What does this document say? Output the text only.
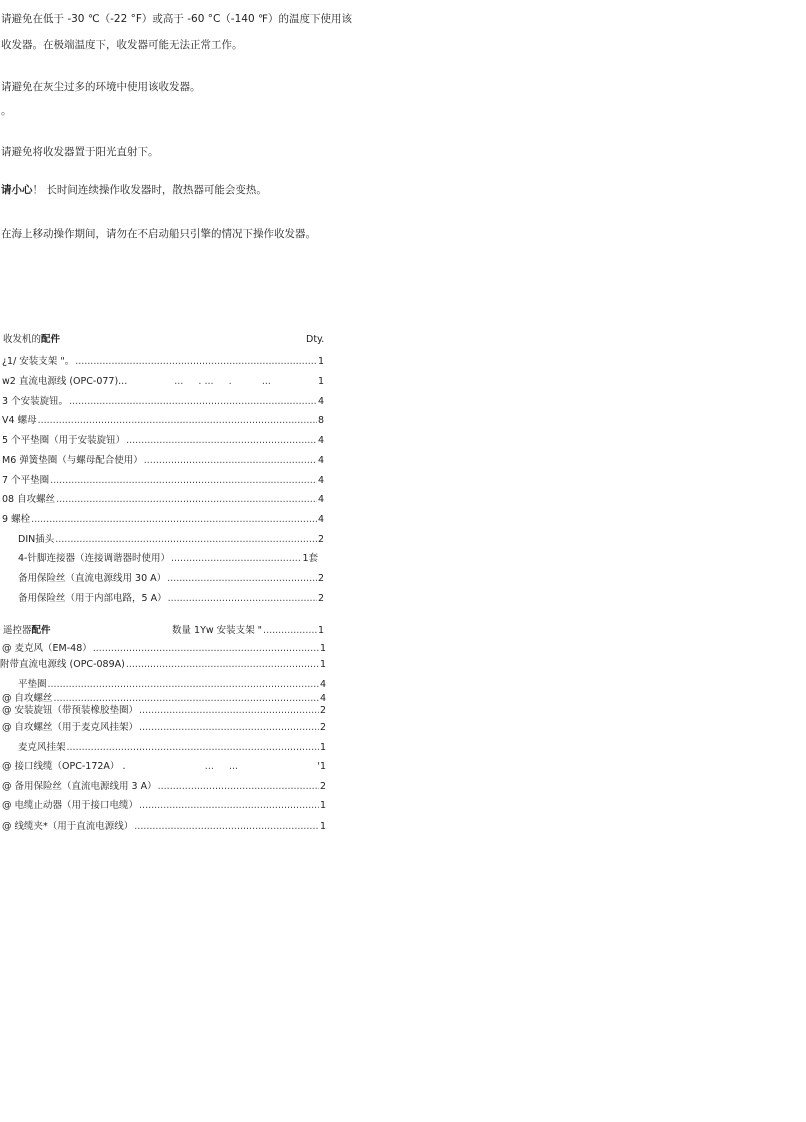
请避免在低于 -30 ℃（-22 °F）或高于 -60 °C（-140 ℉）的温度下使用该
收发器。在极端温度下，收发器可能无法正常工作。
请避免在灰尘过多的环境中使用该收发器。
。
请避免将收发器置于阳光直射下。
请小心！ 长时间连续操作收发器时，散热器可能会变热。
在海上移动操作期间，请勿在不启动船只引擎的情况下操作收发器。
收发机的配件	Dty.
¿1/ 安装支架 "。 .....	1
w2 直流电源线 (OPC-077)...	...     . ...     .          ...	1
3 个安装旋钮。 .....	4
V4 螺母 .....	8
5 个平垫圈（用于安装旋钮） .....	4
M6 弹簧垫圈（与螺母配合使用） .....	4
7 个平垫圈 .....	4
08 自攻螺丝 .....	4
9 螺栓 .....	4
DIN插头 .....	2
4-针脚连接器（连接调谐器时使用） .....	1套
备用保险丝（直流电源线用 30 A） .....	2
备用保险丝（用于内部电路，5 A） .....	2
遥控器配件	数量 1Yw 安装支架 " .....	1
@ 麦克风（EM-48） .....	1
附带直流电源线 (OPC-089A) .....	1
平垫圈 .....	4
@ 自攻螺丝 .....	4
@ 安装旋钮（带预装橡胶垫圈） .....	2
@ 自攻螺丝（用于麦克风挂架） .....	2
麦克风挂架 .....	1
@ 接口线缆（OPC-172A） .	...     ...	'1
@ 备用保险丝（直流电源线用 3 A） .....	2
@ 电缆止动器（用于接口电缆） .....	1
@ 线缆夹*（用于直流电源线） .....	1
